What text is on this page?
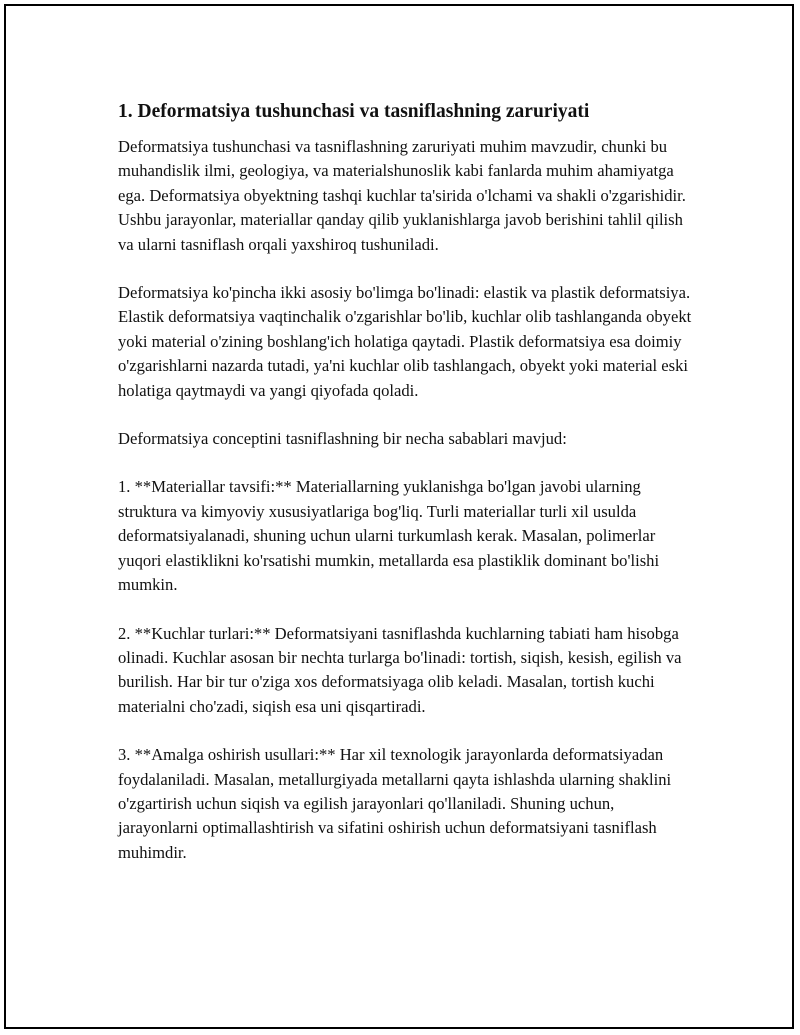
1. Deformatsiya tushunchasi va tasniflashning zaruriyati

Deformatsiya tushunchasi va tasniflashning zaruriyati muhim mavzudir, chunki bu muhandislik ilmi, geologiya, va materialshunoslik kabi fanlarda muhim ahamiyatga ega. Deformatsiya obyektning tashqi kuchlar ta'sirida o'lchami va shakli o'zgarishidir. Ushbu jarayonlar, materiallar qanday qilib yuklanishlarga javob berishini tahlil qilish va ularni tasniflash orqali yaxshiroq tushuniladi.

Deformatsiya ko'pincha ikki asosiy bo'limga bo'linadi: elastik va plastik deformatsiya. Elastik deformatsiya vaqtinchalik o'zgarishlar bo'lib, kuchlar olib tashlanganda obyekt yoki material o'zining boshlang'ich holatiga qaytadi. Plastik deformatsiya esa doimiy o'zgarishlarni nazarda tutadi, ya'ni kuchlar olib tashlangach, obyekt yoki material eski holatiga qaytmaydi va yangi qiyofada qoladi.

Deformatsiya conceptini tasniflashning bir necha sabablari mavjud:

1. **Materiallar tavsifi:** Materiallarning yuklanishga bo'lgan javobi ularning struktura va kimyoviy xususiyatlariga bog'liq. Turli materiallar turli xil usulda deformatsiyalanadi, shuning uchun ularni turkumlash kerak. Masalan, polimerlar yuqori elastiklikni ko'rsatishi mumkin, metallarda esa plastiklik dominant bo'lishi mumkin.

2. **Kuchlar turlari:** Deformatsiyani tasniflashda kuchlarning tabiati ham hisobga olinadi. Kuchlar asosan bir nechta turlarga bo'linadi: tortish, siqish, kesish, egilish va burilish. Har bir tur o'ziga xos deformatsiyaga olib keladi. Masalan, tortish kuchi materialni cho'zadi, siqish esa uni qisqartiradi.

3. **Amalga oshirish usullari:** Har xil texnologik jarayonlarda deformatsiyadan foydalaniladi. Masalan, metallurgiyada metallarni qayta ishlashda ularning shaklini o'zgartirish uchun siqish va egilish jarayonlari qo'llaniladi. Shuning uchun, jarayonlarni optimallashtirish va sifatini oshirish uchun deformatsiyani tasniflash muhimdir.
